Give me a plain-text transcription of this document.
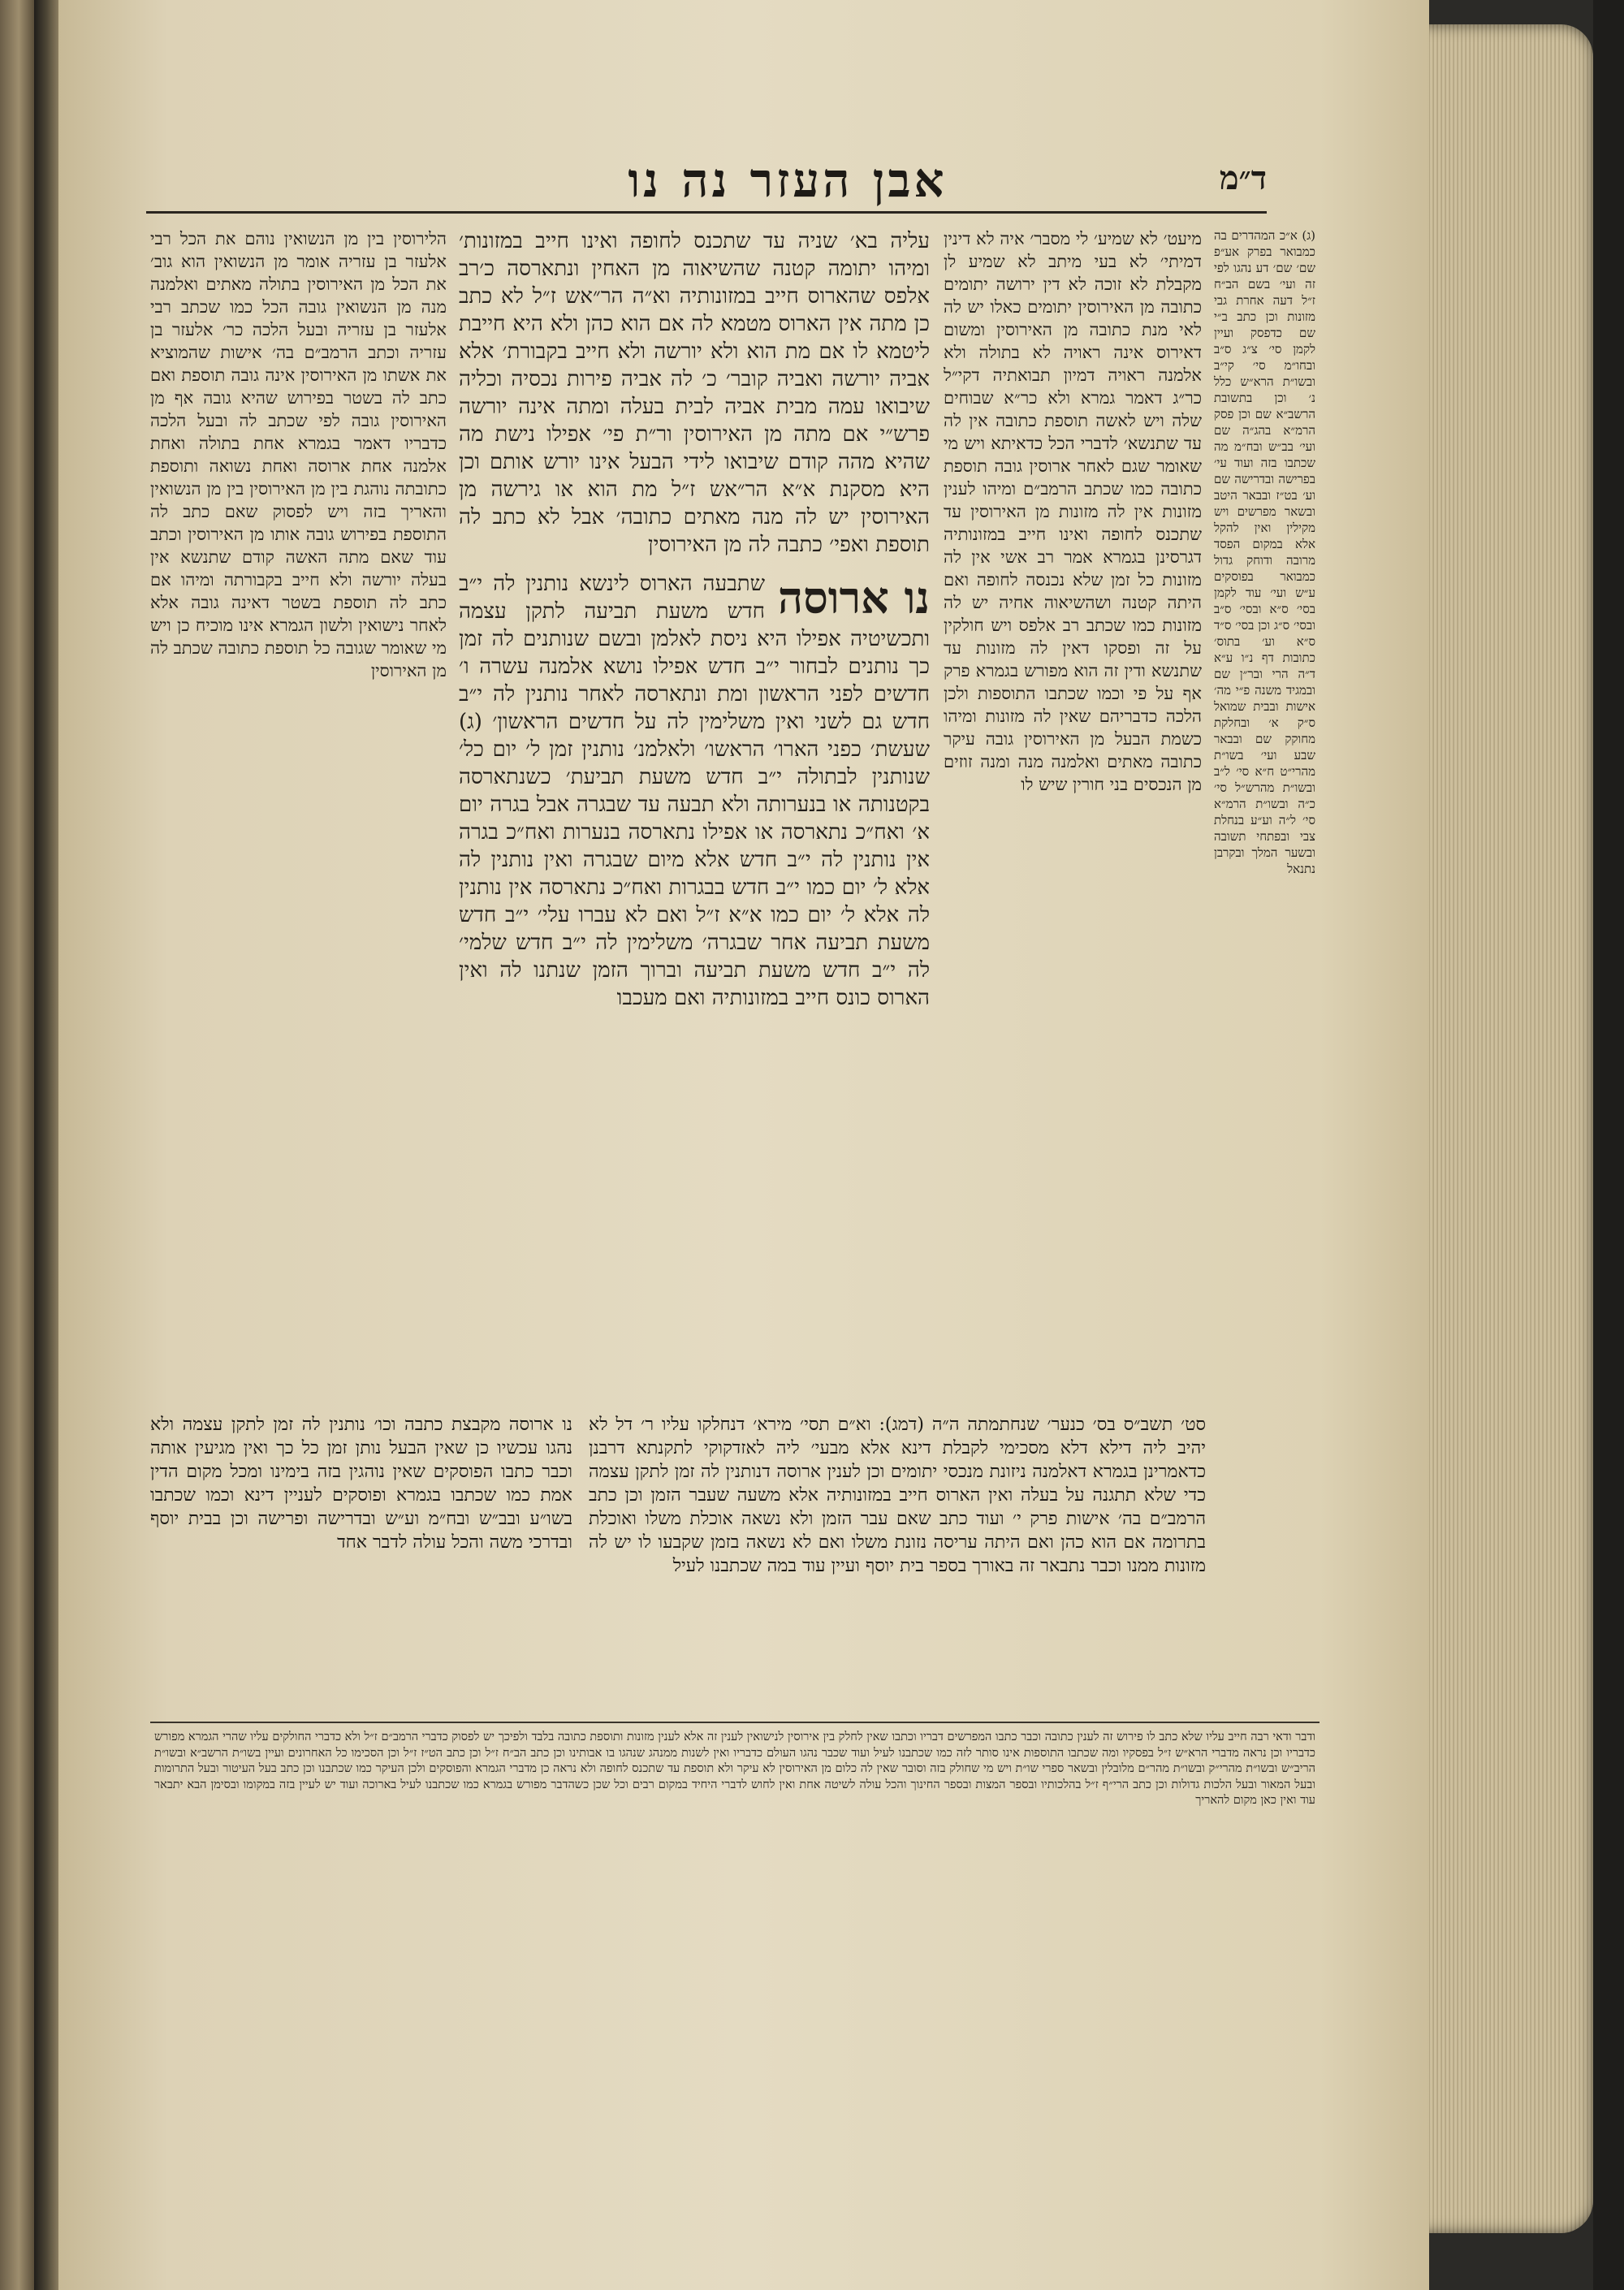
אבן העזר נה נו	ד״מ
עליה בא׳ שניה עד שתכנס לחופה ואינו חייב במזונות׳ ומיהו יתומה קטנה שהשיאוה מן האחין ונתארסה כ׳רב אלפס שהארוס חייב במזונותיה וא״ה הר״אש ז״ל לא כתב כן מתה אין הארוס מטמא לה אם הוא כהן ולא היא חייבת ליטמא לו אם מת הוא ולא יורשה ולא חייב בקבורת׳ אלא אביה יורשה ואביה קובר׳ כ׳ לה אביה פירות נכסיה וכליה שיבואו עמה מבית אביה לבית בעלה ומתה אינה יורשה פרש״י אם מתה מן האירוסין ור״ת פי׳ אפילו נישת מה שהיא מהה קודם שיבואו לידי הבעל אינו יורש אותם וכן היא מסקנת א״א הר״אש ז״ל מת הוא או גירשה מן האירוסין יש לה מנה מאתים כתובה׳ אבל לא כתב לה תוספת ואפי׳ כתבה לה מן האירוסין
נו ארוסה
שתבעה הארוס לינשא נותנין לה י״ב חדש משעת תביעה לתקן עצמה ותכשיטיה אפילו היא ניסת לאלמן ובשם שנותנים לה זמן כך נותנים לבחור י״ב חדש אפילו נושא אלמנה עשרה ו׳ חדשים לפני הראשון ומת ונתארסה לאחר נותנין לה י״ב חדש גם לשני ואין משלימין לה על חדשים הראשון׳ (ג) שעשת׳ כפני הארו׳ הראשו׳ ולאלמנ׳ נותנין זמן ל׳ יום כל׳ שנותנין לבתולה י״ב חדש משעת תביעת׳ כשנתארסה בקטנותה או בנערותה ולא תבעה עד שבגרה אבל בגרה יום א׳ ואח״כ נתארסה או אפילו נתארסה בנערות ואח״כ בגרה אין נותנין לה י״ב חדש אלא מיום שבגרה ואין נותנין לה אלא ל׳ יום כמו י״ב חדש בבגרות ואח״כ נתארסה אין נותנין לה אלא ל׳ יום כמו א״א ז״ל ואם לא עברו עלי׳ י״ב חדש משעת תביעה אחר שבגרה׳ משלימין לה י״ב חדש שלמי׳ לה י״ב חדש משעת תביעה וברוך הזמן שנתנו לה ואין הארוס כונס חייב במזונותיה ואם מעכבו
הלירוסין בין מן הנשואין נוהם את הכל רבי אלעזר בן עזריה אומר מן הנשואין הוא גוב׳ את הכל מן האירוסין בתולה מאתים ואלמנה מנה מן הנשואין גובה הכל כמו שכתב רבי אלעזר בן עזריה ובעל הלכה כר׳ אלעזר בן עזריה וכתב הרמב״ם בה׳ אישות שהמוציא את אשתו מן האירוסין אינה גובה תוספת ואם כתב לה בשטר בפירוש שהיא גובה אף מן האירוסין גובה לפי שכתב לה ובעל הלכה כדבריו דאמר בגמרא אחת בתולה ואחת אלמנה אחת ארוסה ואחת נשואה ותוספת כתובתה נוהגת בין מן האירוסין בין מן הנשואין והאריך בזה ויש לפסוק שאם כתב לה התוספת בפירוש גובה אותו מן האירוסין וכתב עוד שאם מתה האשה קודם שתנשא אין בעלה יורשה ולא חייב בקבורתה ומיהו אם כתב לה תוספת בשטר דאינה גובה אלא לאחר נישואין ולשון הגמרא אינו מוכיח כן ויש מי שאומר שגובה כל תוספת כתובה שכתב לה מן האירוסין
מיעט׳ לא שמיע׳ לי מסבר׳ איה לא דינין דמיתי׳ לא בעי מיתב לא שמיע לן מקבלת לא זוכה לא דין ירושה יתומים כתובה מן האירוסין יתומים כאלו יש לה לאי מנת כתובה מן האירוסין ומשום דאירוס אינה ראויה לא בתולה ולא אלמנה ראויה דמיון תבואתיה דקי״ל כר״ג דאמר גמרא ולא כר״א שבוחים שלה ויש לאשה תוספת כתובה אין לה עד שתנשא׳ לדברי הכל כדאיתא ויש מי שאומר שגם לאחר ארוסין גובה תוספת כתובה כמו שכתב הרמב״ם ומיהו לענין מזונות אין לה מזונות מן האירוסין עד שתכנס לחופה ואינו חייב במזונותיה דגרסינן בגמרא אמר רב אשי אין לה מזונות כל זמן שלא נכנסה לחופה ואם היתה קטנה ושהשיאוה אחיה יש לה מזונות כמו שכתב רב אלפס ויש חולקין על זה ופסקו דאין לה מזונות עד שתנשא ודין זה הוא מפורש בגמרא פרק אף על פי וכמו שכתבו התוספות ולכן הלכה כדבריהם שאין לה מזונות ומיהו כשמת הבעל מן האירוסין גובה עיקר כתובה מאתים ואלמנה מנה ומנה זוזים מן הנכסים בני חורין שיש לו
(ג) א״כ המהדרים בה כמבואר בפרק אע״פ שם׳ שם׳ דע נהגו לפי זה ועי׳ בשם הב״ח ז״ל דעה אחרת גבי מזונות וכן כתב ב״י שם כדפסק ועיין לקמן סי׳ צ״ג ס״ב ובחו״מ סי׳ קי״ב ובשו״ת הרא״ש כלל נ׳ וכן בתשובת הרשב״א שם וכן פסק הרמ״א בהג״ה שם ועי׳ בב״ש ובח״מ מה שכתבו בזה ועוד עי׳ בפרישה ובדרישה שם וע׳ בט״ז ובבאר היטב ובשאר מפרשים ויש מקילין ואין להקל אלא במקום הפסד מרובה ודוחק גדול כמבואר בפוסקים ע״ש ועי׳ עוד לקמן בסי׳ ס״א ובסי׳ ס״ב ובסי׳ ס״ג וכן בסי׳ ס״ד ס״א וע׳ בתוס׳ כתובות דף נ״ו ע״א ד״ה הרי ובר״ן שם ובמגיד משנה פ״י מה׳ אישות ובבית שמואל ס״ק א׳ ובחלקת מחוקק שם ובבאר שבע ועי׳ בשו״ת מהרי״ט ח״א סי׳ ל״ב ובשו״ת מהרש״ל סי׳ כ״ה ובשו״ת הרמ״א סי׳ ל״ה וע״ע בנחלת צבי ובפתחי תשובה ובשער המלך ובקרבן נתנאל
סט׳ תשב״ס בס׳ כנער׳ שנחתמתה ה״ה (דמג): וא״ם תסי׳ מירא׳ דנחלקו עליו ר׳ דל לא יהיב ליה דילא דלא מסכימי לקבלת דינא אלא מבעי׳ ליה לאזדקוקי לתקנתא דרבנן כדאמרינן בגמרא דאלמנה ניזונת מנכסי יתומים וכן לענין ארוסה דנותנין לה זמן לתקן עצמה כדי שלא תתגנה על בעלה ואין הארוס חייב במזונותיה אלא משעה שעבר הזמן וכן כתב הרמב״ם בה׳ אישות פרק י׳ ועוד כתב שאם עבר הזמן ולא נשאה אוכלת משלו ואוכלת בתרומה אם הוא כהן ואם היתה עריסה נזונת משלו ואם לא נשאה בזמן שקבעו לו יש לה מזונות ממנו וכבר נתבאר זה באורך בספר בית יוסף ועיין עוד במה שכתבנו לעיל
נו ארוסה מקבצת כתבה וכו׳ נותנין לה זמן לתקן עצמה ולא נהגו עכשיו כן שאין הבעל נותן זמן כל כך ואין מגיעין אותה וכבר כתבו הפוסקים שאין נוהגין בזה בימינו ומכל מקום הדין אמת כמו שכתבו בגמרא ופוסקים לעניין דינא וכמו שכתבו בשו״ע ובב״ש ובח״מ וע״ש ובדרישה ופרישה וכן בבית יוסף ובדרכי משה והכל עולה לדבר אחד
ודבר ודאי רבה חייב עליו שלא כתב לו פירוש זה לענין כתובה וכבר כתבו המפרשים דבריו וכתבו שאין לחלק בין אירוסין לנישואין לענין זה אלא לענין מזונות ותוספת כתובה בלבד ולפיכך יש לפסוק כדברי הרמב״ם ז״ל ולא כדברי החולקים עליו שהרי הגמרא מפורש כדבריו וכן נראה מדברי הרא״ש ז״ל בפסקיו ומה שכתבו התוספות אינו סותר לזה כמו שכתבנו לעיל ועוד שכבר נהגו העולם כדבריו ואין לשנות ממנהג שנהגו בו אבותינו וכן כתב הב״ח ז״ל וכן כתב הט״ז ז״ל וכן הסכימו כל האחרונים ועיין בשו״ת הרשב״א ובשו״ת הריב״ש ובשו״ת מהרי״ק ובשו״ת מהר״ם מלובלין ובשאר ספרי שו״ת ויש מי שחולק בזה וסובר שאין לה כלום מן האירוסין לא עיקר ולא תוספת עד שתכנס לחופה ולא נראה כן מדברי הגמרא והפוסקים ולכן העיקר כמו שכתבנו וכן כתב בעל העיטור ובעל התרומות ובעל המאור ובעל הלכות גדולות וכן כתב הרי״ף ז״ל בהלכותיו ובספר המצות ובספר החינוך והכל עולה לשיטה אחת ואין לחוש לדברי היחיד במקום רבים וכל שכן כשהדבר מפורש בגמרא כמו שכתבנו לעיל בארוכה ועוד יש לעיין בזה במקומו ובסימן הבא יתבאר עוד ואין כאן מקום להאריך
